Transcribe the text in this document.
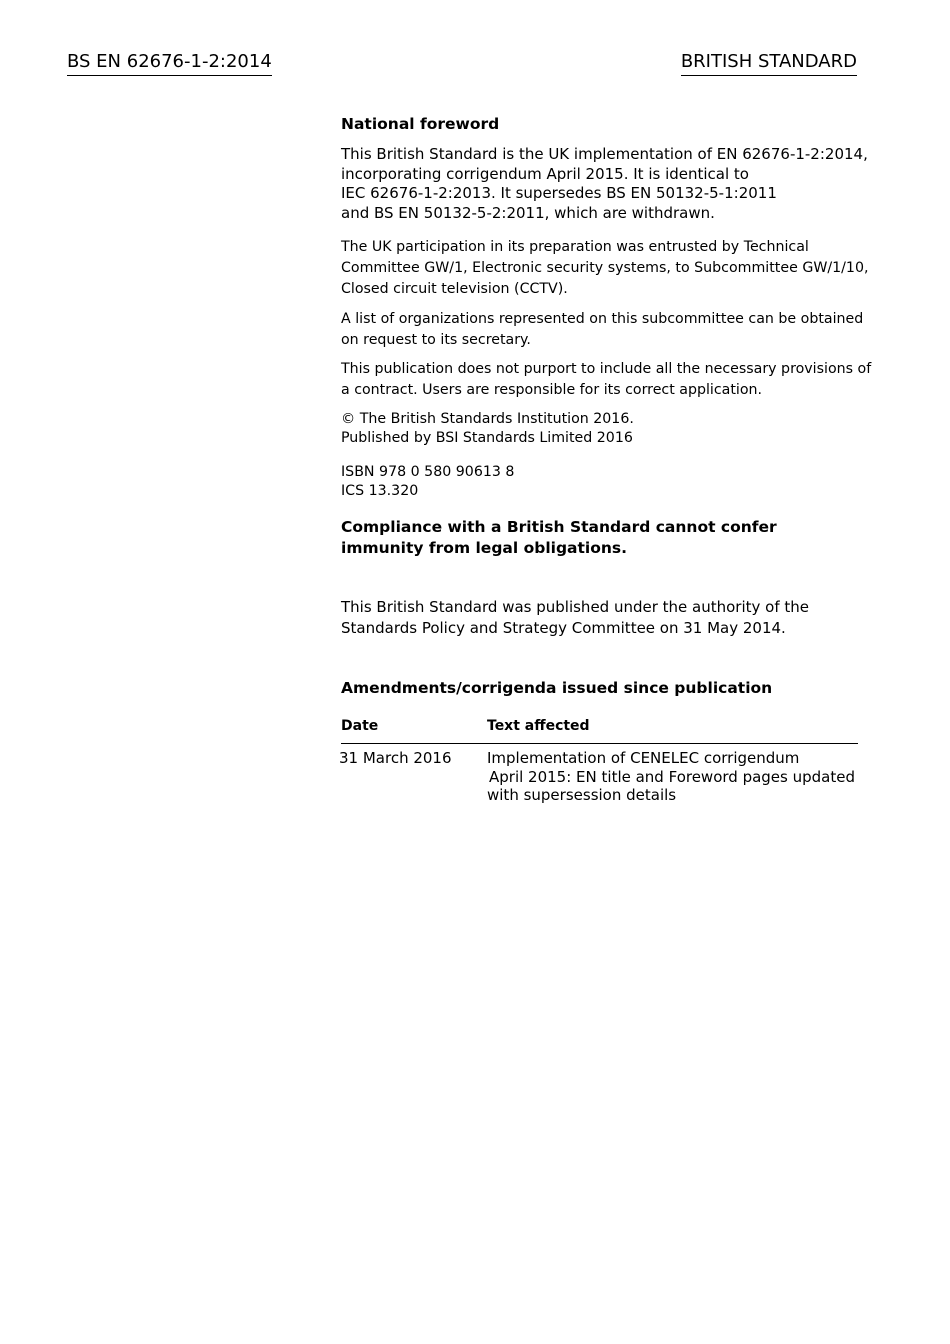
BS EN 62676-1-2:2014	BRITISH STANDARD

National foreword

This British Standard is the UK implementation of EN 62676-1-2:2014,
incorporating corrigendum April 2015. It is identical to
IEC 62676-1-2:2013. It supersedes BS EN 50132-5-1:2011
and BS EN 50132-5-2:2011, which are withdrawn.

The UK participation in its preparation was entrusted by Technical Committee GW/1, Electronic security systems, to Subcommittee GW/1/10, Closed circuit television (CCTV).

A list of organizations represented on this subcommittee can be obtained on request to its secretary.

This publication does not purport to include all the necessary provisions of a contract. Users are responsible for its correct application.

© The British Standards Institution 2016.
Published by BSI Standards Limited 2016
ISBN 978 0 580 90613 8
ICS 13.320

Compliance with a British Standard cannot confer immunity from legal obligations.

This British Standard was published under the authority of the Standards Policy and Strategy Committee on 31 May 2014.

Amendments/corrigenda issued since publication

Date	Text affected
31 March 2016	Implementation of CENELEC corrigendum
April 2015: EN title and Foreword pages updated
with supersession details
